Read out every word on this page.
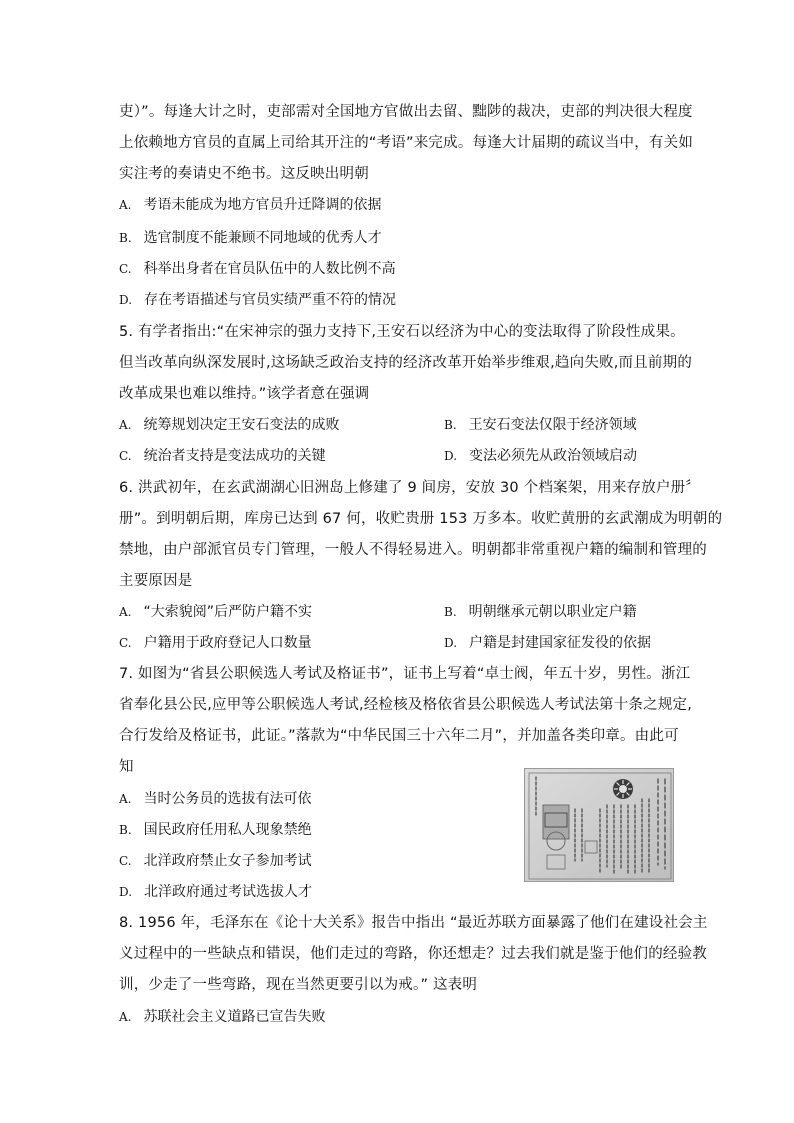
吏）”。每逢大计之时，吏部需对全国地方官做出去留、黜陟的裁决，吏部的判决很大程度
上依赖地方官员的直属上司给其开注的“考语”来完成。每逢大计届期的疏议当中，有关如
实注考的奏请史不绝书。这反映出明朝
A. 考语未能成为地方官员升迁降调的依据
B. 选官制度不能兼顾不同地域的优秀人才
C. 科举出身者在官员队伍中的人数比例不高
D. 存在考语描述与官员实绩严重不符的情况
5. 有学者指出:“在宋神宗的强力支持下,王安石以经济为中心的变法取得了阶段性成果。
但当改革向纵深发展时,这场缺乏政治支持的经济改革开始举步维艰,趋向失败,而且前期的
改革成果也难以维持。”该学者意在强调
A. 统筹规划决定王安石变法的成败	B. 王安石变法仅限于经济领域
C. 统治者支持是变法成功的关键	D. 变法必须先从政治领域启动
6. 洪武初年，在玄武湖湖心旧洲岛上修建了 9 间房，安放 30 个档案架，用来存放户册〞
册”。到明朝后期，库房已达到 67 何，收贮贵册 153 万多本。收贮黄册的玄武潮成为明朝的
禁地，由户部派官员专门管理，一般人不得轻易进入。明朝都非常重视户籍的编制和管理的
主要原因是
A. “大索貌阅”后严防户籍不实	B. 明朝继承元朝以职业定户籍
C. 户籍用于政府登记人口数量	D. 户籍是封建国家征发役的依据
7. 如图为“省县公职候选人考试及格证书”，证书上写着“卓士阀，年五十岁，男性。浙江
省奉化县公民,应甲等公职候选人考试,经检核及格依省县公职候选人考试法第十条之规定,
合行发给及格证书，此证。”落款为“中华民国三十六年二月”，并加盖各类印章。由此可
知
A. 当时公务员的选拔有法可依
B. 国民政府任用私人现象禁绝
C. 北洋政府禁止女子参加考试
D. 北洋政府通过考试选拔人才
8. 1956 年，毛泽东在《论十大关系》报告中指出 “最近苏联方面暴露了他们在建设社会主
义过程中的一些缺点和错误，他们走过的弯路，你还想走？过去我们就是鉴于他们的经验教
训，少走了一些弯路，现在当然更要引以为戒。” 这表明
A. 苏联社会主义道路已宣告失败
